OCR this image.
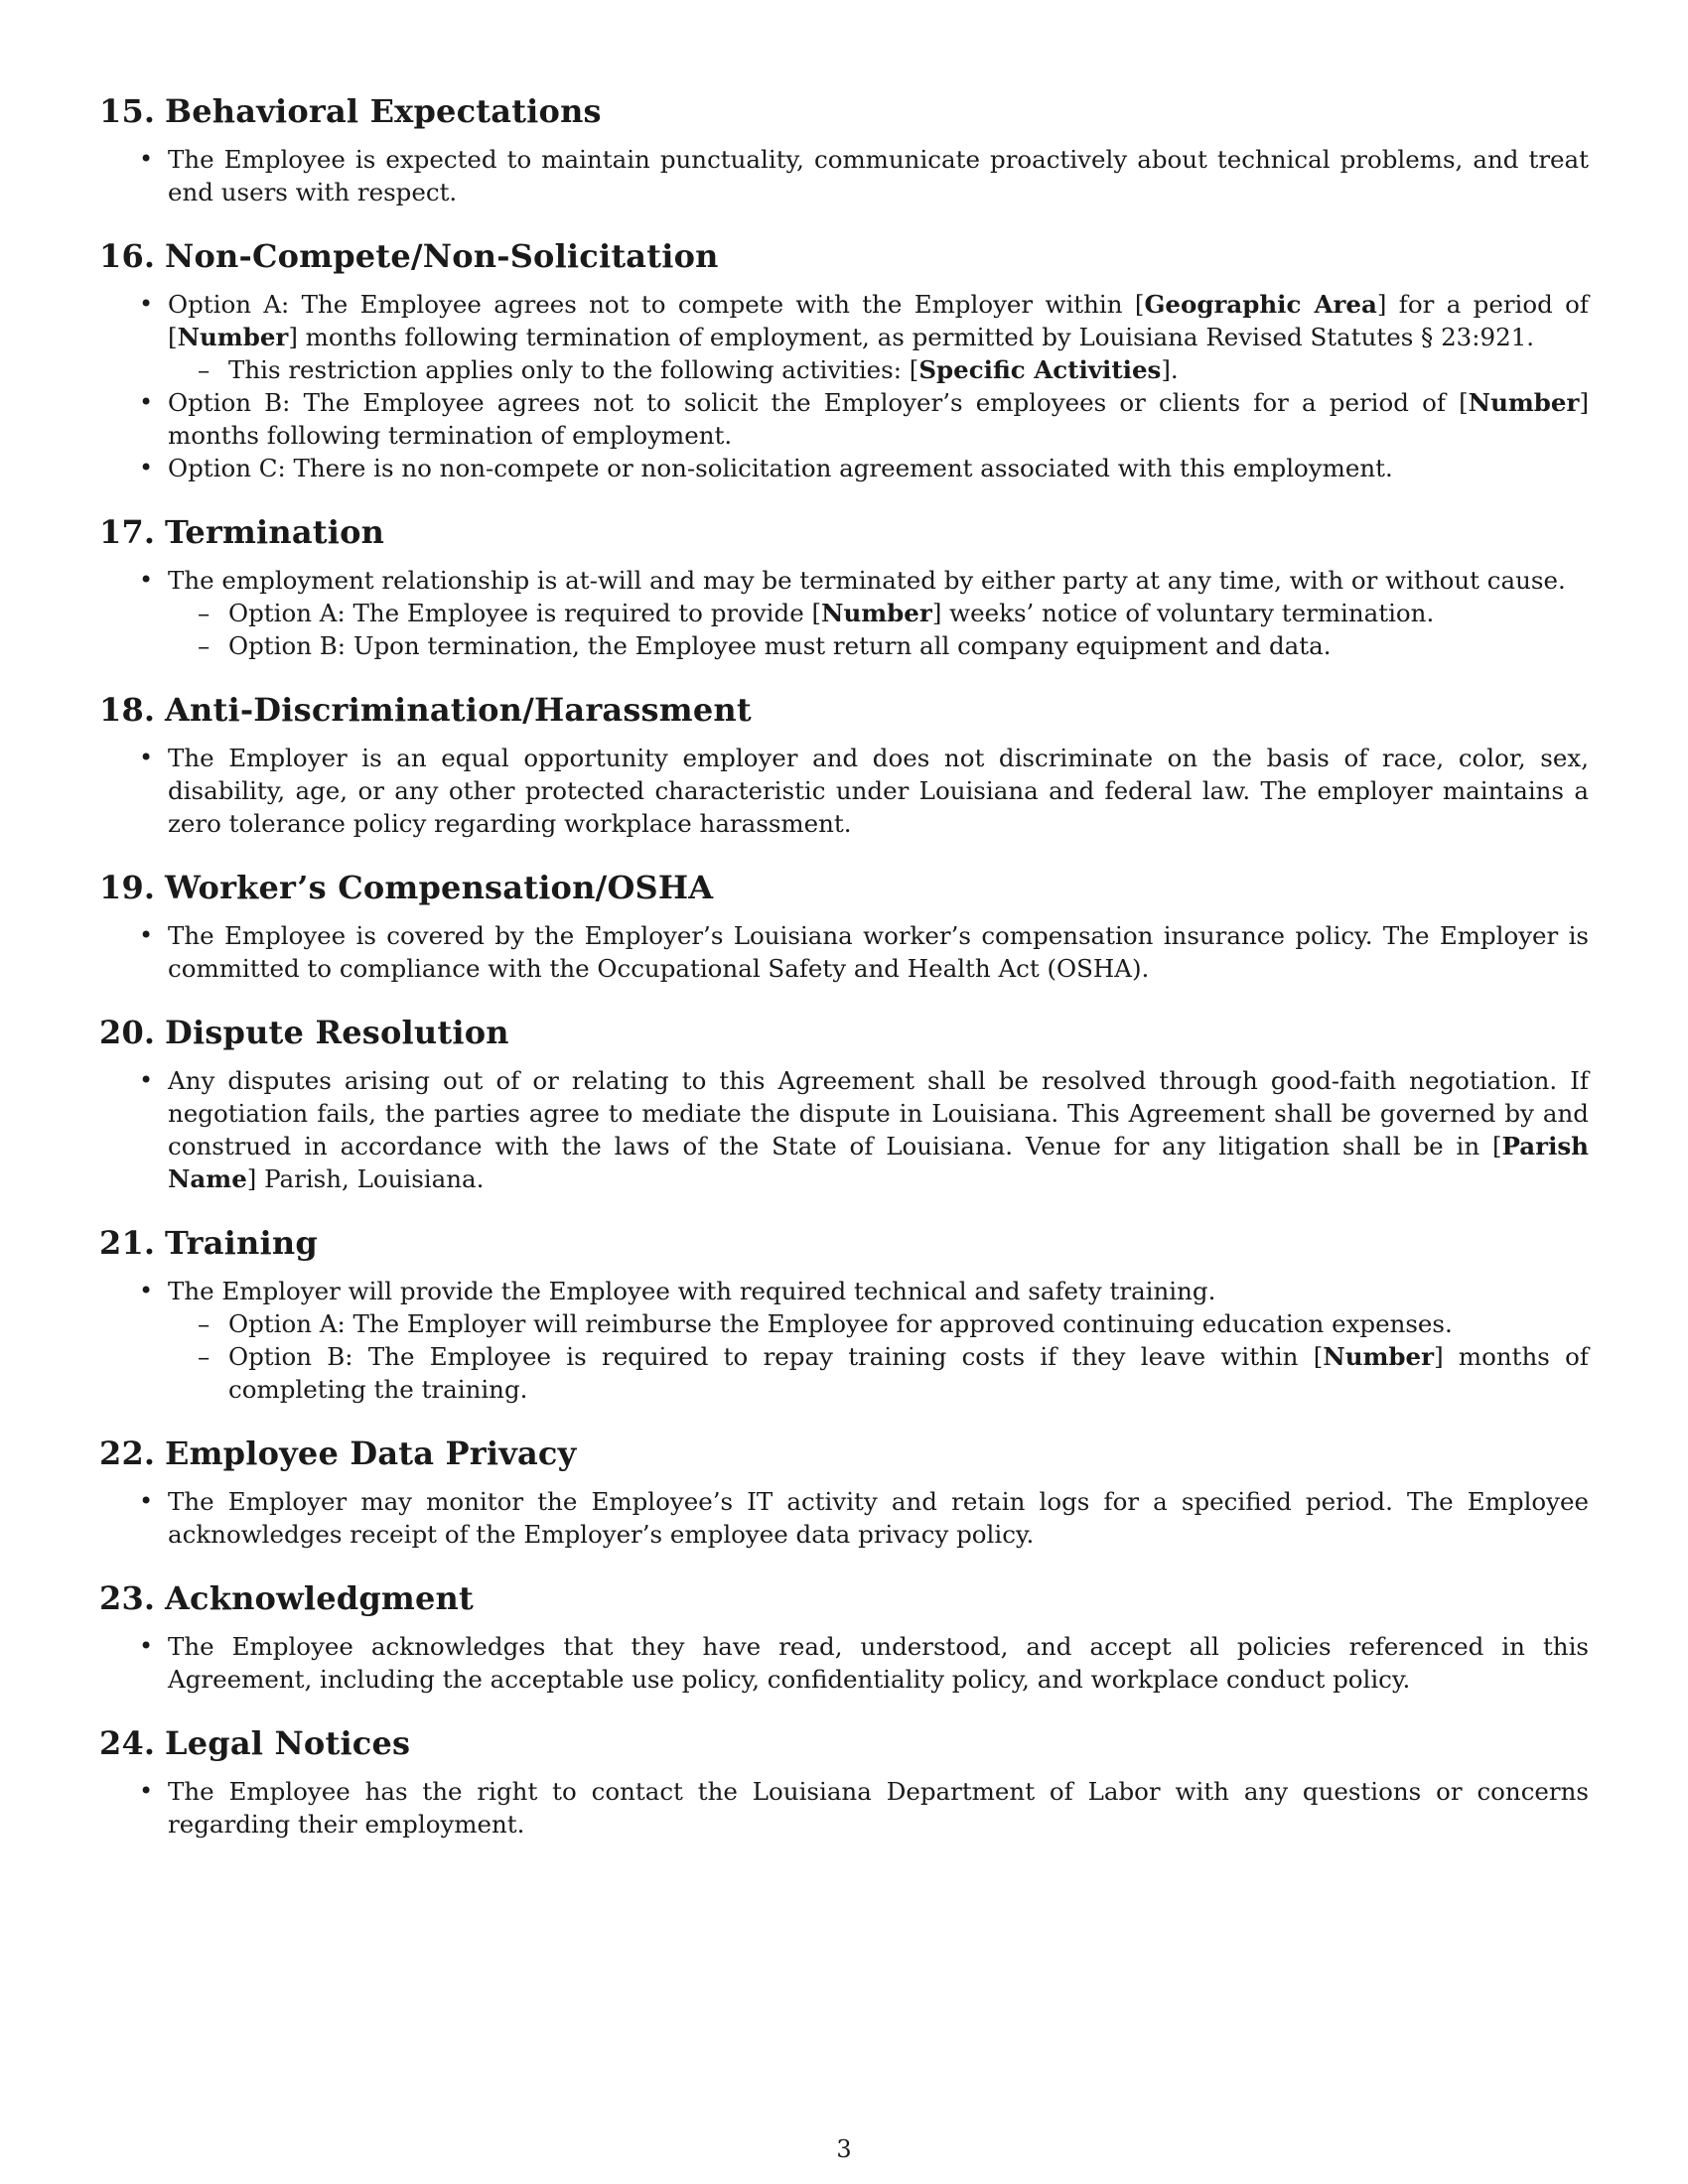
15. Behavioral Expectations
• The Employee is expected to maintain punctuality, communicate proactively about technical problems, and treat end users with respect.
16. Non-Compete/Non-Solicitation
• Option A: The Employee agrees not to compete with the Employer within [Geographic Area] for a period of [Number] months following termination of employment, as permitted by Louisiana Revised Statutes § 23:921.
– This restriction applies only to the following activities: [Specific Activities].
• Option B: The Employee agrees not to solicit the Employer’s employees or clients for a period of [Number] months following termination of employment.
• Option C: There is no non-compete or non-solicitation agreement associated with this employment.
17. Termination
• The employment relationship is at-will and may be terminated by either party at any time, with or without cause.
– Option A: The Employee is required to provide [Number] weeks’ notice of voluntary termination.
– Option B: Upon termination, the Employee must return all company equipment and data.
18. Anti-Discrimination/Harassment
• The Employer is an equal opportunity employer and does not discriminate on the basis of race, color, sex, disability, age, or any other protected characteristic under Louisiana and federal law. The employer maintains a zero tolerance policy regarding workplace harassment.
19. Worker’s Compensation/OSHA
• The Employee is covered by the Employer’s Louisiana worker’s compensation insurance policy. The Employer is committed to compliance with the Occupational Safety and Health Act (OSHA).
20. Dispute Resolution
• Any disputes arising out of or relating to this Agreement shall be resolved through good-faith negotiation. If negotiation fails, the parties agree to mediate the dispute in Louisiana. This Agreement shall be governed by and construed in accordance with the laws of the State of Louisiana. Venue for any litigation shall be in [Parish Name] Parish, Louisiana.
21. Training
• The Employer will provide the Employee with required technical and safety training.
– Option A: The Employer will reimburse the Employee for approved continuing education expenses.
– Option B: The Employee is required to repay training costs if they leave within [Number] months of completing the training.
22. Employee Data Privacy
• The Employer may monitor the Employee’s IT activity and retain logs for a specified period. The Employee acknowledges receipt of the Employer’s employee data privacy policy.
23. Acknowledgment
• The Employee acknowledges that they have read, understood, and accept all policies referenced in this Agreement, including the acceptable use policy, confidentiality policy, and workplace conduct policy.
24. Legal Notices
• The Employee has the right to contact the Louisiana Department of Labor with any questions or concerns regarding their employment.
3
